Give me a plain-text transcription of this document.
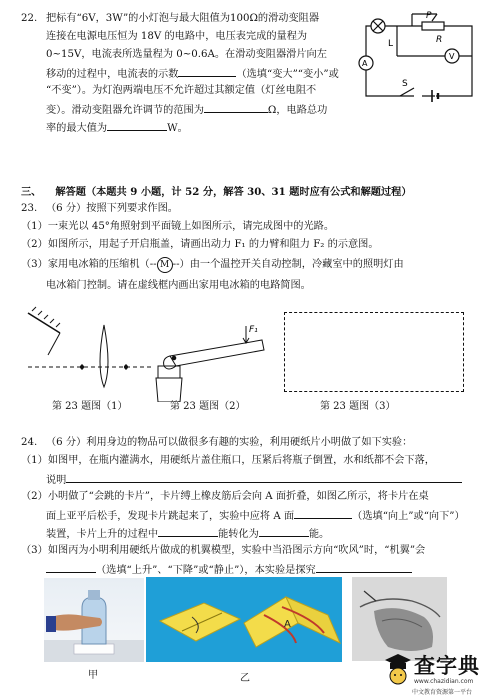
22. 把标有“6V，3W”的小灯泡与最大阻值为100Ω的滑动变阻器
连接在电源电压恒为 18V 的电路中，电压表完成的量程为
0~15V，电流表所选量程为 0~0.6A。在滑动变阻器滑片向左
移动的过程中，电流表的示数	（选填“变大”“变小”或
“不变”）。为灯泡两端电压不允许超过其额定值（灯丝电阻不
变）。滑动变阻器允许调节的范围为	Ω，电路总功
率的最大值为	W。
P
L	R
A
V
S
三、 解答题（本题共 9 小题，计 52 分，解答 30、31 题时应有公式和解题过程）
23. （6 分）按照下列要求作图。
（1）一束光以 45°角照射到平面镜上如图所示，请完成图中的光路。
（2）如图所示，用起子开启瓶盖，请画出动力 F₁ 的力臂和阻力 F₂ 的示意图。
（3）家用电冰箱的压缩机（-- M --）由一个温控开关自动控制，冷藏室中的照明灯由
电冰箱门控制。请在虚线框内画出家用电冰箱的电路简图。
F₁
第 23 题图（1）	第 23 题图（2）	第 23 题图（3）
24. （6 分）利用身边的物品可以做很多有趣的实验，利用硬纸片小明做了如下实验：
（1）如图甲，在瓶内灌满水，用硬纸片盖住瓶口，压紧后将瓶子倒置，水和纸都不会下落，
说明
（2）小明做了“会跳的卡片”，卡片缚上橡皮筋后会向 A 面折叠，如图乙所示，将卡片在桌
面上亚平后松手，发现卡片跳起来了，实验中应将 A 面	（选填“向上”或“向下”）
装置，卡片上升的过程中	能转化为	能。
（3）如图丙为小明利用硬纸片做成的机翼模型，实验中当沿图示方向“吹风”时，“机翼”会
（选填“上升”、“下降”或“静止”），本实验是探究
A
甲	乙
查字典
www.chazidian.com
中文教育资源第一平台
